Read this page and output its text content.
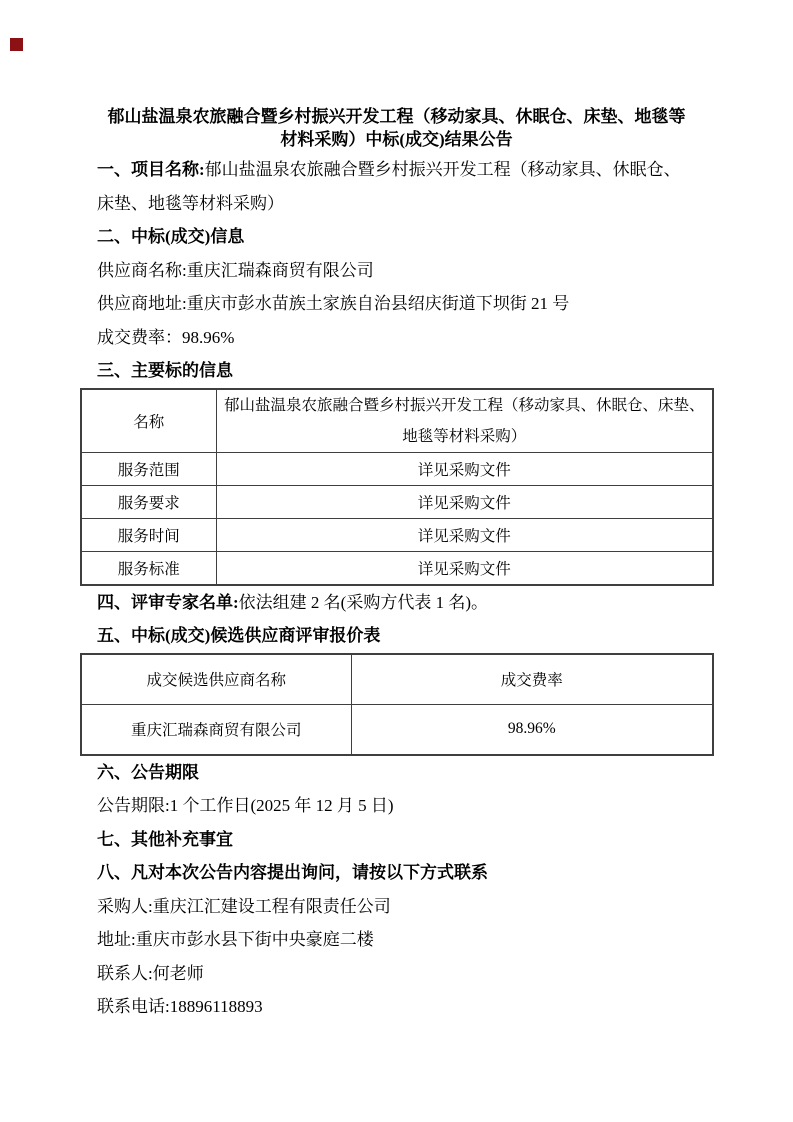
郁山盐温泉农旅融合暨乡村振兴开发工程（移动家具、休眠仓、床垫、地毯等
材料采购）中标(成交)结果公告

一、项目名称:郁山盐温泉农旅融合暨乡村振兴开发工程（移动家具、休眠仓、
床垫、地毯等材料采购）

二、中标(成交)信息

供应商名称:重庆汇瑞森商贸有限公司

供应商地址:重庆市彭水苗族土家族自治县绍庆街道下坝街 21 号

成交费率：98.96%

三、主要标的信息

名称	郁山盐温泉农旅融合暨乡村振兴开发工程（移动家具、休眠仓、床垫、
地毯等材料采购）

服务范围	详见采购文件
服务要求	详见采购文件
服务时间	详见采购文件
服务标准	详见采购文件

四、评审专家名单:依法组建 2 名(采购方代表 1 名)。

五、中标(成交)候选供应商评审报价表

成交候选供应商名称	成交费率
重庆汇瑞森商贸有限公司	98.96%

六、公告期限

公告期限:1 个工作日(2025 年 12 月 5 日)

七、其他补充事宜

八、凡对本次公告内容提出询问，请按以下方式联系

采购人:重庆江汇建设工程有限责任公司

地址:重庆市彭水县下街中央豪庭二楼

联系人:何老师

联系电话:18896118893
